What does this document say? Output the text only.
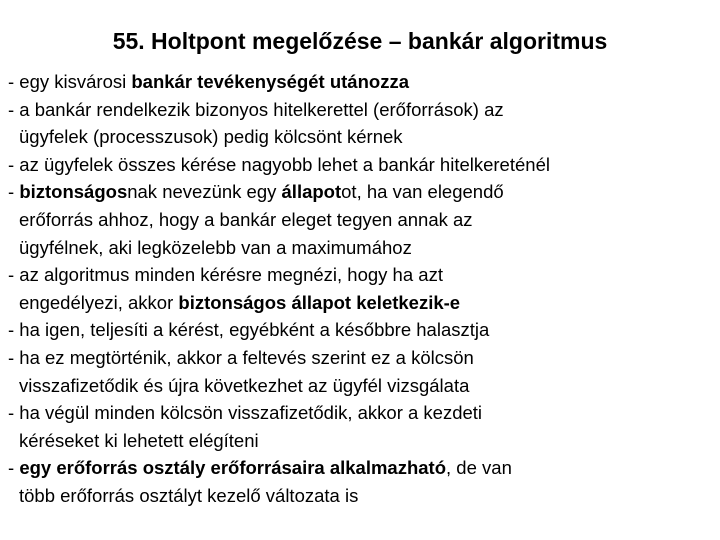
55. Holtpont megelőzése – bankár algoritmus
- egy kisvárosi bankár tevékenységét utánozza
- a bankár rendelkezik bizonyos hitelkerettel (erőforrások) az
ügyfelek (processzusok) pedig kölcsönt kérnek
- az ügyfelek összes kérése nagyobb lehet a bankár hitelkereténél
- biztonságosnak nevezünk egy állapotot, ha van elegendő
erőforrás ahhoz, hogy a bankár eleget tegyen annak az
ügyfélnek, aki legközelebb van a maximumához
- az algoritmus minden kérésre megnézi, hogy ha azt
engedélyezi, akkor biztonságos állapot keletkezik-e
- ha igen, teljesíti a kérést, egyébként a későbbre halasztja
- ha ez megtörténik, akkor a feltevés szerint ez a kölcsön
visszafizetődik és újra következhet az ügyfél vizsgálata
- ha végül minden kölcsön visszafizetődik, akkor a kezdeti
kéréseket ki lehetett elégíteni
- egy erőforrás osztály erőforrásaira alkalmazható, de van
több erőforrás osztályt kezelő változata is
